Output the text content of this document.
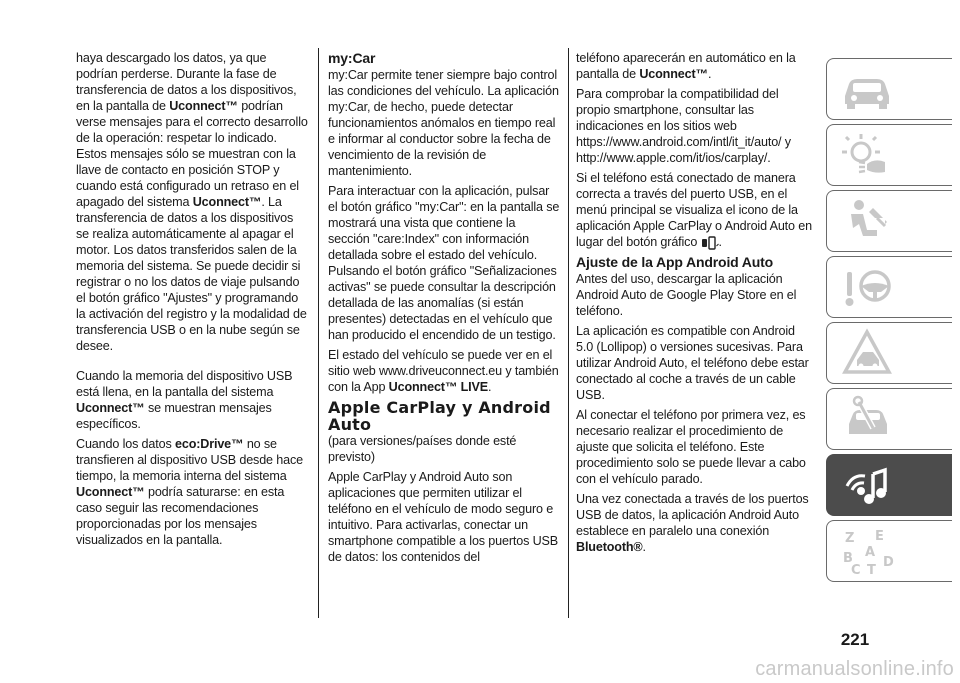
haya descargado los datos, ya que podrían perderse. Durante la fase de transferencia de datos a los dispositivos, en la pantalla de Uconnect™ podrían verse mensajes para el correcto desarrollo de la operación: respetar lo indicado. Estos mensajes sólo se muestran con la llave de contacto en posición STOP y cuando está configurado un retraso en el apagado del sistema Uconnect™. La transferencia de datos a los dispositivos se realiza automáticamente al apagar el motor. Los datos transferidos salen de la memoria del sistema. Se puede decidir si registrar o no los datos de viaje pulsando el botón gráfico "Ajustes" y programando la activación del registro y la modalidad de transferencia USB o en la nube según se desee.

Cuando la memoria del dispositivo USB está llena, en la pantalla del sistema Uconnect™ se muestran mensajes específicos.

Cuando los datos eco:Drive™ no se transfieren al dispositivo USB desde hace tiempo, la memoria interna del sistema Uconnect™ podría saturarse: en esta caso seguir las recomendaciones proporcionadas por los mensajes visualizados en la pantalla.

my:Car

my:Car permite tener siempre bajo control las condiciones del vehículo. La aplicación my:Car, de hecho, puede detectar funcionamientos anómalos en tiempo real e informar al conductor sobre la fecha de vencimiento de la revisión de mantenimiento.

Para interactuar con la aplicación, pulsar el botón gráfico "my:Car": en la pantalla se mostrará una vista que contiene la sección "care:Index" con información detallada sobre el estado del vehículo. Pulsando el botón gráfico "Señalizaciones activas" se puede consultar la descripción detallada de las anomalías (si están presentes) detectadas en el vehículo que han producido el encendido de un testigo.

El estado del vehículo se puede ver en el sitio web www.driveuconnect.eu y también con la App Uconnect™ LIVE.

Apple CarPlay y Android Auto

(para versiones/países donde esté previsto)

Apple CarPlay y Android Auto son aplicaciones que permiten utilizar el teléfono en el vehículo de modo seguro e intuitivo. Para activarlas, conectar un smartphone compatible a los puertos USB de datos: los contenidos del

teléfono aparecerán en automático en la pantalla de Uconnect™.

Para comprobar la compatibilidad del propio smartphone, consultar las indicaciones en los sitios web https://www.android.com/intl/it_it/auto/ y http://www.apple.com/it/ios/carplay/.

Si el teléfono está conectado de manera correcta a través del puerto USB, en el menú principal se visualiza el icono de la aplicación Apple CarPlay o Android Auto en lugar del botón gráfico .

Ajuste de la App Android Auto

Antes del uso, descargar la aplicación Android Auto de Google Play Store en el teléfono.

La aplicación es compatible con Android 5.0 (Lollipop) o versiones sucesivas. Para utilizar Android Auto, el teléfono debe estar conectado al coche a través de un cable USB.

Al conectar el teléfono por primera vez, es necesario realizar el procedimiento de ajuste que solicita el teléfono. Este procedimiento solo se puede llevar a cabo con el vehículo parado.

Una vez conectada a través de los puertos USB de datos, la aplicación Android Auto establece en paralelo una conexión Bluetooth®.

Z E
A
B
C T
D
221
carmanualsonline.info
